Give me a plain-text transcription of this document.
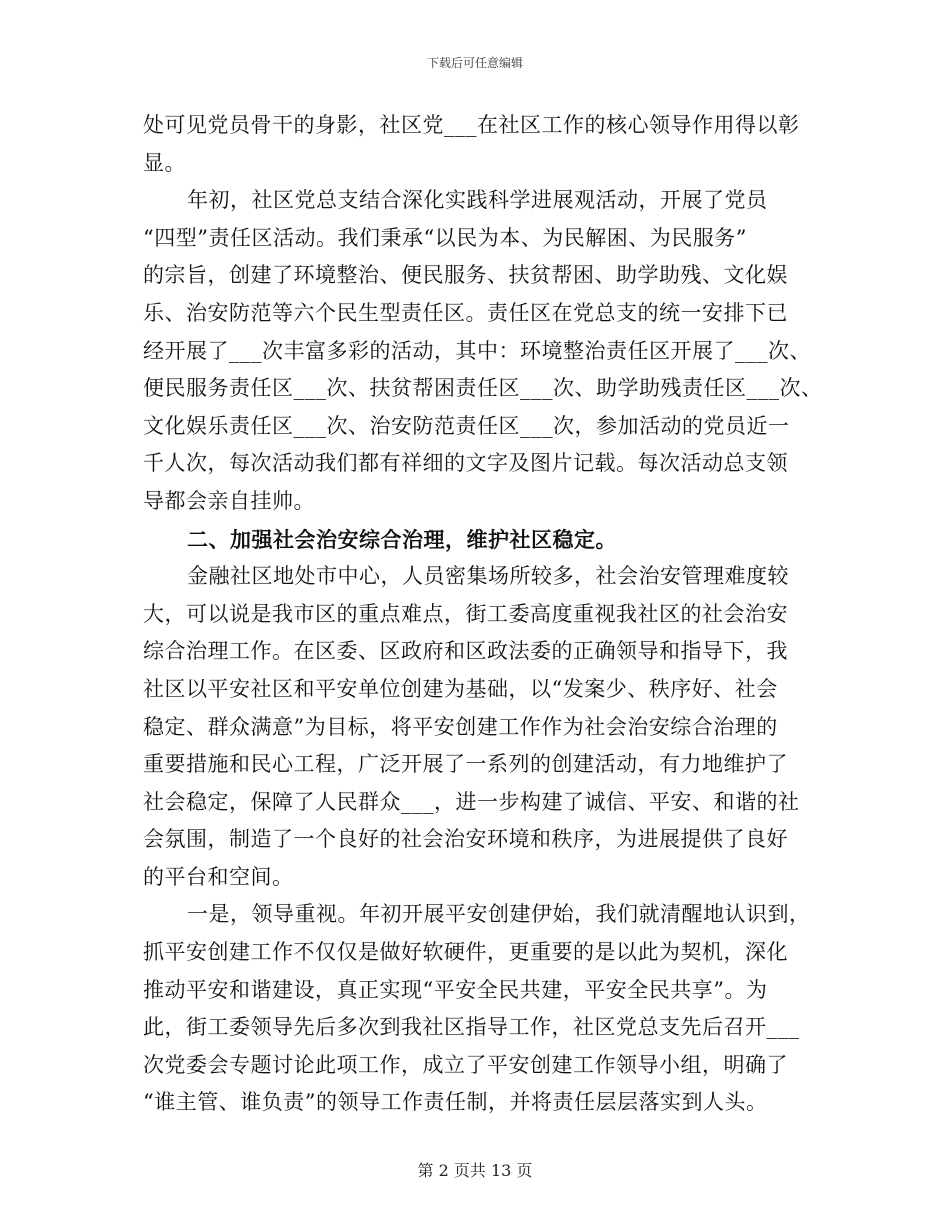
下载后可任意编辑
处可见党员骨干的身影，社区党___在社区工作的核心领导作用得以彰
显。
年初，社区党总支结合深化实践科学进展观活动，开展了党员
“四型”责任区活动。我们秉承“以民为本、为民解困、为民服务”
的宗旨，创建了环境整治、便民服务、扶贫帮困、助学助残、文化娱
乐、治安防范等六个民生型责任区。责任区在党总支的统一安排下已
经开展了___次丰富多彩的活动，其中：环境整治责任区开展了___次、
便民服务责任区___次、扶贫帮困责任区___次、助学助残责任区___次、
文化娱乐责任区___次、治安防范责任区___次，参加活动的党员近一
千人次，每次活动我们都有祥细的文字及图片记载。每次活动总支领
导都会亲自挂帅。
二、加强社会治安综合治理，维护社区稳定。
金融社区地处市中心，人员密集场所较多，社会治安管理难度较
大，可以说是我市区的重点难点，街工委高度重视我社区的社会治安
综合治理工作。在区委、区政府和区政法委的正确领导和指导下，我
社区以平安社区和平安单位创建为基础，以“发案少、秩序好、社会
稳定、群众满意”为目标，将平安创建工作作为社会治安综合治理的
重要措施和民心工程，广泛开展了一系列的创建活动，有力地维护了
社会稳定，保障了人民群众___，进一步构建了诚信、平安、和谐的社
会氛围，制造了一个良好的社会治安环境和秩序，为进展提供了良好
的平台和空间。
一是，领导重视。年初开展平安创建伊始，我们就清醒地认识到，
抓平安创建工作不仅仅是做好软硬件，更重要的是以此为契机，深化
推动平安和谐建设，真正实现“平安全民共建，平安全民共享”。为
此，街工委领导先后多次到我社区指导工作，社区党总支先后召开___
次党委会专题讨论此项工作，成立了平安创建工作领导小组，明确了
“谁主管、谁负责”的领导工作责任制，并将责任层层落实到人头。
第 2 页共 13 页
